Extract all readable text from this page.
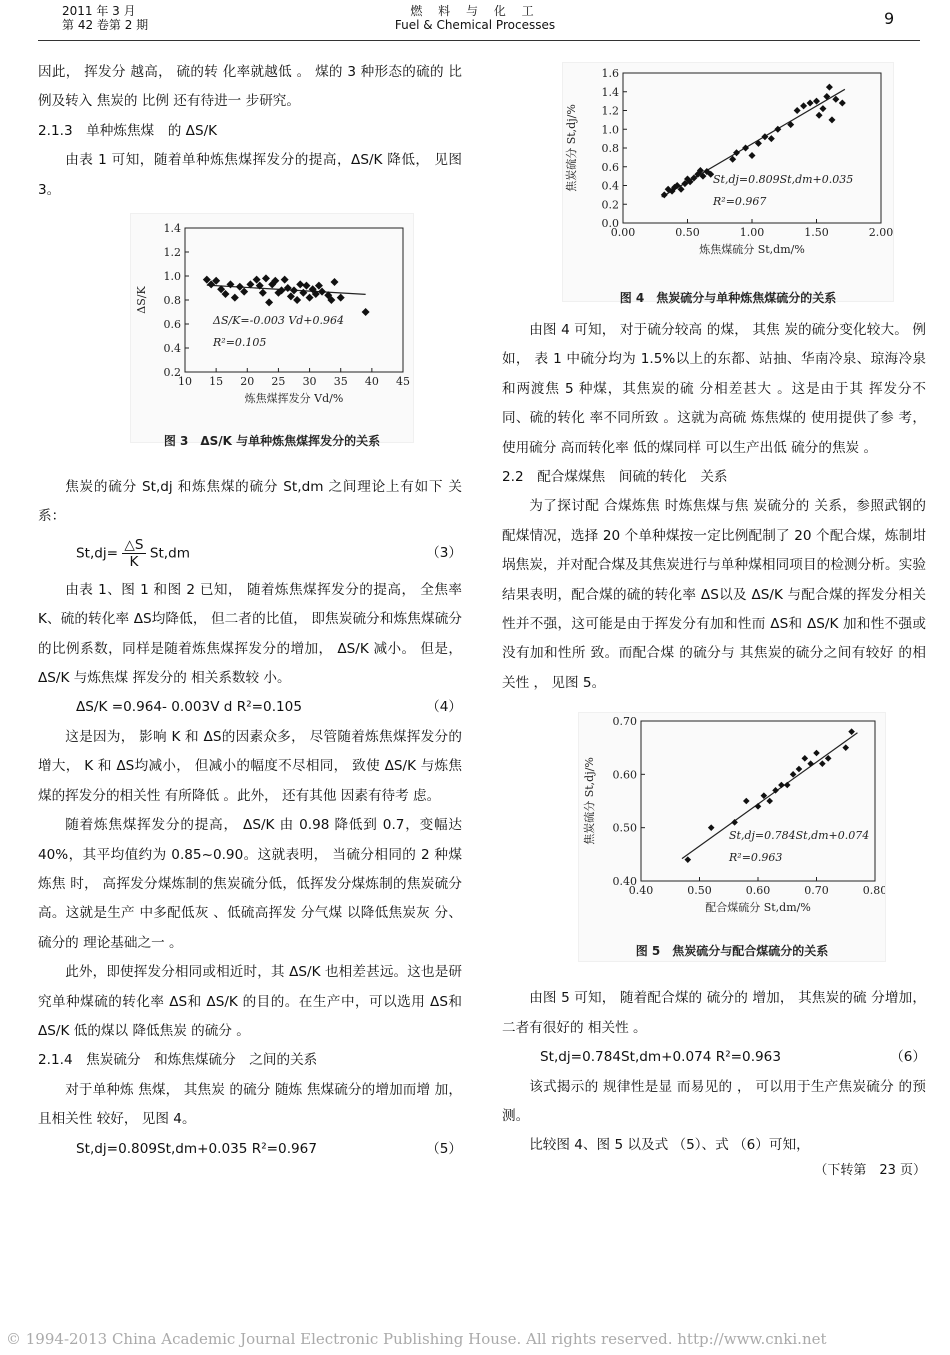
2011 年 3 月
第 42 卷第 2 期
燃 料 与 化 工
Fuel & Chemical Processes	9

因此， 挥发分 越高， 硫的转 化率就越低 。 煤的 3 种形态的硫的 比例及转入 焦炭的 比例 还有待进一 步研究。

2.1.3　单种炼焦煤　的 ΔS/K

由表 1 可知，随着单种炼焦煤挥发分的提高，ΔS/K 降低， 见图 3。

10 15 20 25 30 35 40 45
0.2
0.4
0.6
0.8
1.0
1.2
1.4
ΔS/K=-0.003 Vd+0.964
R²=0.105
炼焦煤挥发分 Vd/%
ΔS/K
图 3　ΔS/K 与单种炼焦煤挥发分的关系

焦炭的硫分 St,dj 和炼焦煤的硫分 St,dm 之间理论上有如下 关系：

$St,dj= \frac{\triangle S}{K} St,dm$	（3）

由表 1、图 1 和图 2 已知， 随着炼焦煤挥发分的提高， 全焦率 K、硫的转化率 ΔS均降低， 但二者的比值， 即焦炭硫分和炼焦煤硫分的比例系数，同样是随着炼焦煤挥发分的增加， ΔS/K 减小。 但是， ΔS/K 与炼焦煤 挥发分的 相关系数较 小。

ΔS/K =0.964- 0.003V d R²=0.105	（4）

这是因为， 影响 K 和 ΔS的因素众多， 尽管随着炼焦煤挥发分的增大， K 和 ΔS均减小， 但减小的幅度不尽相同， 致使 ΔS/K 与炼焦煤的挥发分的相关性 有所降低 。此外， 还有其他 因素有待考 虑。

随着炼焦煤挥发分的提高， ΔS/K 由 0.98 降低到 0.7，变幅达 40%，其平均值约为 0.85~0.90。这就表明， 当硫分相同的 2 种煤炼焦 时， 高挥发分煤炼制的焦炭硫分低，低挥发分煤炼制的焦炭硫分高。这就是生产 中多配低灰 、低硫高挥发 分气煤 以降低焦炭灰 分、硫分的 理论基础之一 。

此外，即使挥发分相同或相近时，其 ΔS/K 也相差甚远。这也是研究单种煤硫的转化率 ΔS和 ΔS/K 的目的。在生产中，可以选用 ΔS和 ΔS/K 低的煤以 降低焦炭 的硫分 。

2.1.4　焦炭硫分　和炼焦煤硫分　之间的关系

对于单种炼 焦煤， 其焦炭 的硫分 随炼 焦煤硫分的增加而增 加， 且相关性 较好， 见图 4。

St,dj=0.809St,dm+0.035 R²=0.967	（5）
0.00	0.50	1.00	1.50	2.00
0.0
0.2
0.4
0.6
0.8
1.0
1.2
1.4
1.6
St,dj=0.809St,dm+0.035
R²=0.967
炼焦煤硫分 St,dm/%
焦炭硫分 St,dj/%
图 4　焦炭硫分与单种炼焦煤硫分的关系

由图 4 可知， 对于硫分较高 的煤， 其焦 炭的硫分变化较大。 例如， 表 1 中硫分均为 1.5%以上的东都、站抽、华南冷泉、琼海冷泉和两渡焦 5 种煤，其焦炭的硫 分相差甚大 。这是由于其 挥发分不同、硫的转化 率不同所致 。这就为高硫 炼焦煤的 使用提供了参 考，使用硫分 高而转化率 低的煤同样 可以生产出低 硫分的焦炭 。

2.2　配合煤煤焦　间硫的转化　关系

为了探讨配 合煤炼焦 时炼焦煤与焦 炭硫分的 关系，参照武钢的配煤情况，选择 20 个单种煤按一定比例配制了 20 个配合煤，炼制坩埚焦炭，并对配合煤及其焦炭进行与单种煤相同项目的检测分析。实验结果表明，配合煤的硫的转化率 ΔS以及 ΔS/K 与配合煤的挥发分相关性并不强，这可能是由于挥发分有加和性而 ΔS和 ΔS/K 加和性不强或没有加和性所 致。而配合煤 的硫分与 其焦炭的硫分之间有较好 的相关性 ， 见图 5。

0.40	0.50	0.60	0.70	0.80
0.40
0.50
0.60
0.70
St,dj=0.784St,dm+0.074
R²=0.963
配合煤硫分 St,dm/%
焦炭硫分 St,dj/%
图 5　焦炭硫分与配合煤硫分的关系

由图 5 可知， 随着配合煤的 硫分的 增加， 其焦炭的硫 分增加， 二者有很好的 相关性 。

St,dj=0.784St,dm+0.074 R²=0.963	（6）

该式揭示的 规律性是显 而易见的 ， 可以用于生产焦炭硫分 的预测。

比较图 4、图 5 以及式 （5）、式 （6）可知，

（下转第　23 页）

© 1994-2013 China Academic Journal Electronic Publishing House. All rights reserved. http://www.cnki.net
